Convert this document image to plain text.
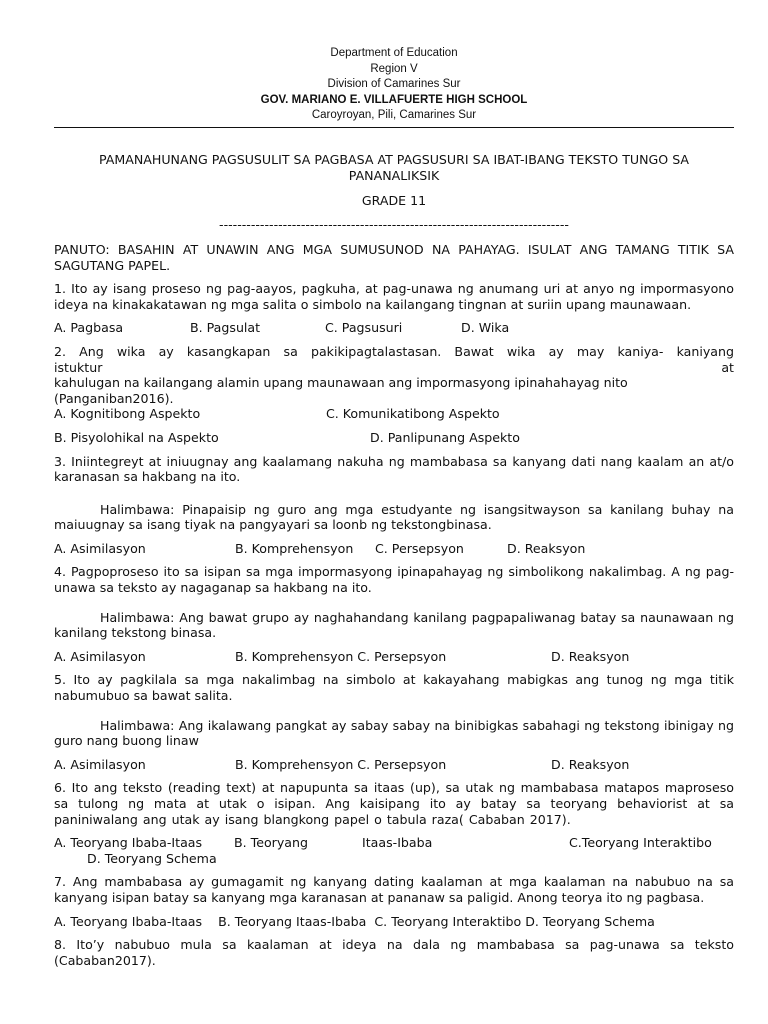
Department of Education
Region V
Division of Camarines Sur
GOV. MARIANO E. VILLAFUERTE HIGH SCHOOL
Caroyroyan, Pili, Camarines Sur
PAMANAHUNANG PAGSUSULIT SA PAGBASA AT PAGSUSURI SA IBAT-IBANG TEKSTO TUNGO SA PANANALIKSIK
GRADE 11
-----------------------------------------------------------------------------

PANUTO: BASAHIN AT UNAWIN ANG MGA SUMUSUNOD NA PAHAYAG. ISULAT ANG TAMANG TITIK SA SAGUTANG PAPEL.

1. Ito ay isang proseso ng pag-aayos, pagkuha, at pag-unawa ng anumang uri at anyo ng impormasyono ideya na kinakakatawan ng mga salita o simbolo na kailangang tingnan at suriin upang maunawaan.

A. Pagbasa	B. Pagsulat	C. Pagsusuri	D. Wika

2. Ang wika ay kasangkapan sa pakikipagtalastasan. Bawat wika ay may kaniya- kaniyang

istuktur	at

kahulugan na kailangang alamin upang maunawaan ang impormasyong ipinahahayag nito

(Panganiban2016).

A. Kognitibong Aspekto	C. Komunikatibong Aspekto
B. Pisyolohikal na Aspekto	D. Panlipunang Aspekto

3. Iniintegreyt at iniuugnay ang kaalamang nakuha ng mambabasa sa kanyang dati nang kaalam an at/o karanasan sa hakbang na ito.

Halimbawa: Pinapaisip ng guro ang mga estudyante ng isangsitwayson sa kanilang buhay na maiuugnay sa isang tiyak na pangyayari sa loonb ng tekstongbinasa.

A. Asimilasyon	B. Komprehensyon	C. Persepsyon	D. Reaksyon

4. Pagpoproseso ito sa isipan sa mga impormasyong ipinapahayag ng simbolikong nakalimbag. A ng pag-unawa sa teksto ay nagaganap sa hakbang na ito.

Halimbawa: Ang bawat grupo ay naghahandang kanilang pagpapaliwanag batay sa naunawaan ng kanilang tekstong binasa.

A. Asimilasyon	B. Komprehensyon C. Persepsyon	D. Reaksyon

5. Ito ay pagkilala sa mga nakalimbag na simbolo at kakayahang mabigkas ang tunog ng mga titik nabumubuo sa bawat salita.

Halimbawa: Ang ikalawang pangkat ay sabay sabay na binibigkas sabahagi ng tekstong ibinigay ng guro nang buong linaw

A. Asimilasyon	B. Komprehensyon C. Persepsyon	D. Reaksyon

6. Ito ang teksto (reading text) at napupunta sa itaas (up), sa utak ng mambabasa matapos maproseso sa tulong ng mata at utak o isipan. Ang kaisipang ito ay batay sa teoryang behaviorist at sa paniniwalang ang utak ay isang blangkong papel o tabula raza( Cababan 2017).

A. Teoryang Ibaba-Itaas	B. Teoryang	Itaas-Ibaba	C.Teoryang Interaktibo
D. Teoryang Schema

7. Ang mambabasa ay gumagamit ng kanyang dating kaalaman at mga kaalaman na nabubuo na sa kanyang isipan batay sa kanyang mga karanasan at pananaw sa paligid. Anong teorya ito ng pagbasa.

A. Teoryang Ibaba-Itaas    B. Teoryang Itaas-Ibaba  C. Teoryang Interaktibo D. Teoryang Schema

8. Ito’y nabubuo mula sa kaalaman at ideya na dala ng mambabasa sa pag-unawa sa teksto (Cababan2017).
